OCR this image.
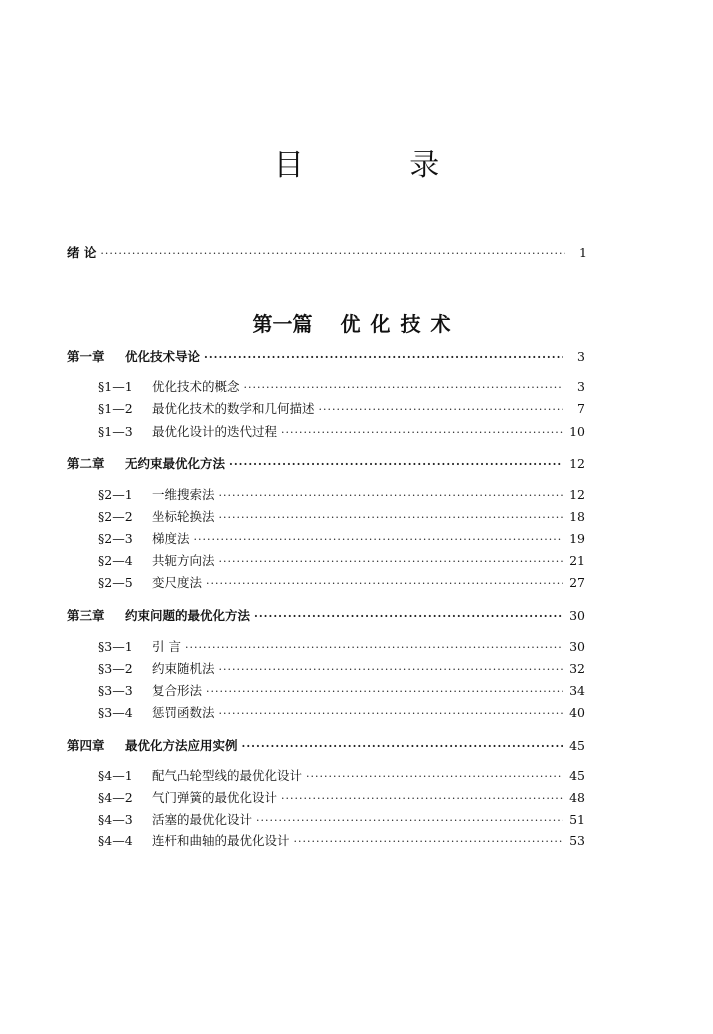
目 录
绪 论 ·····	1
第一篇 优化技术
第一章	优化技术导论 ·····	3
§1—1	优化技术的概念 ·····	3
§1—2	最优化技术的数学和几何描述 ·····	7
§1—3	最优化设计的迭代过程 ·····	10
第二章	无约束最优化方法 ·····	12
§2—1	一维搜索法 ·····	12
§2—2	坐标轮换法 ·····	18
§2—3	梯度法 ·····	19
§2—4	共轭方向法 ·····	21
§2—5	变尺度法 ·····	27
第三章	约束问题的最优化方法 ·····	30
§3—1	引 言 ·····	30
§3—2	约束随机法 ·····	32
§3—3	复合形法 ·····	34
§3—4	惩罚函数法 ·····	40
第四章	最优化方法应用实例 ·····	45
§4—1	配气凸轮型线的最优化设计 ·····	45
§4—2	气门弹簧的最优化设计 ·····	48
§4—3	活塞的最优化设计 ·····	51
§4—4	连杆和曲轴的最优化设计 ·····	53
